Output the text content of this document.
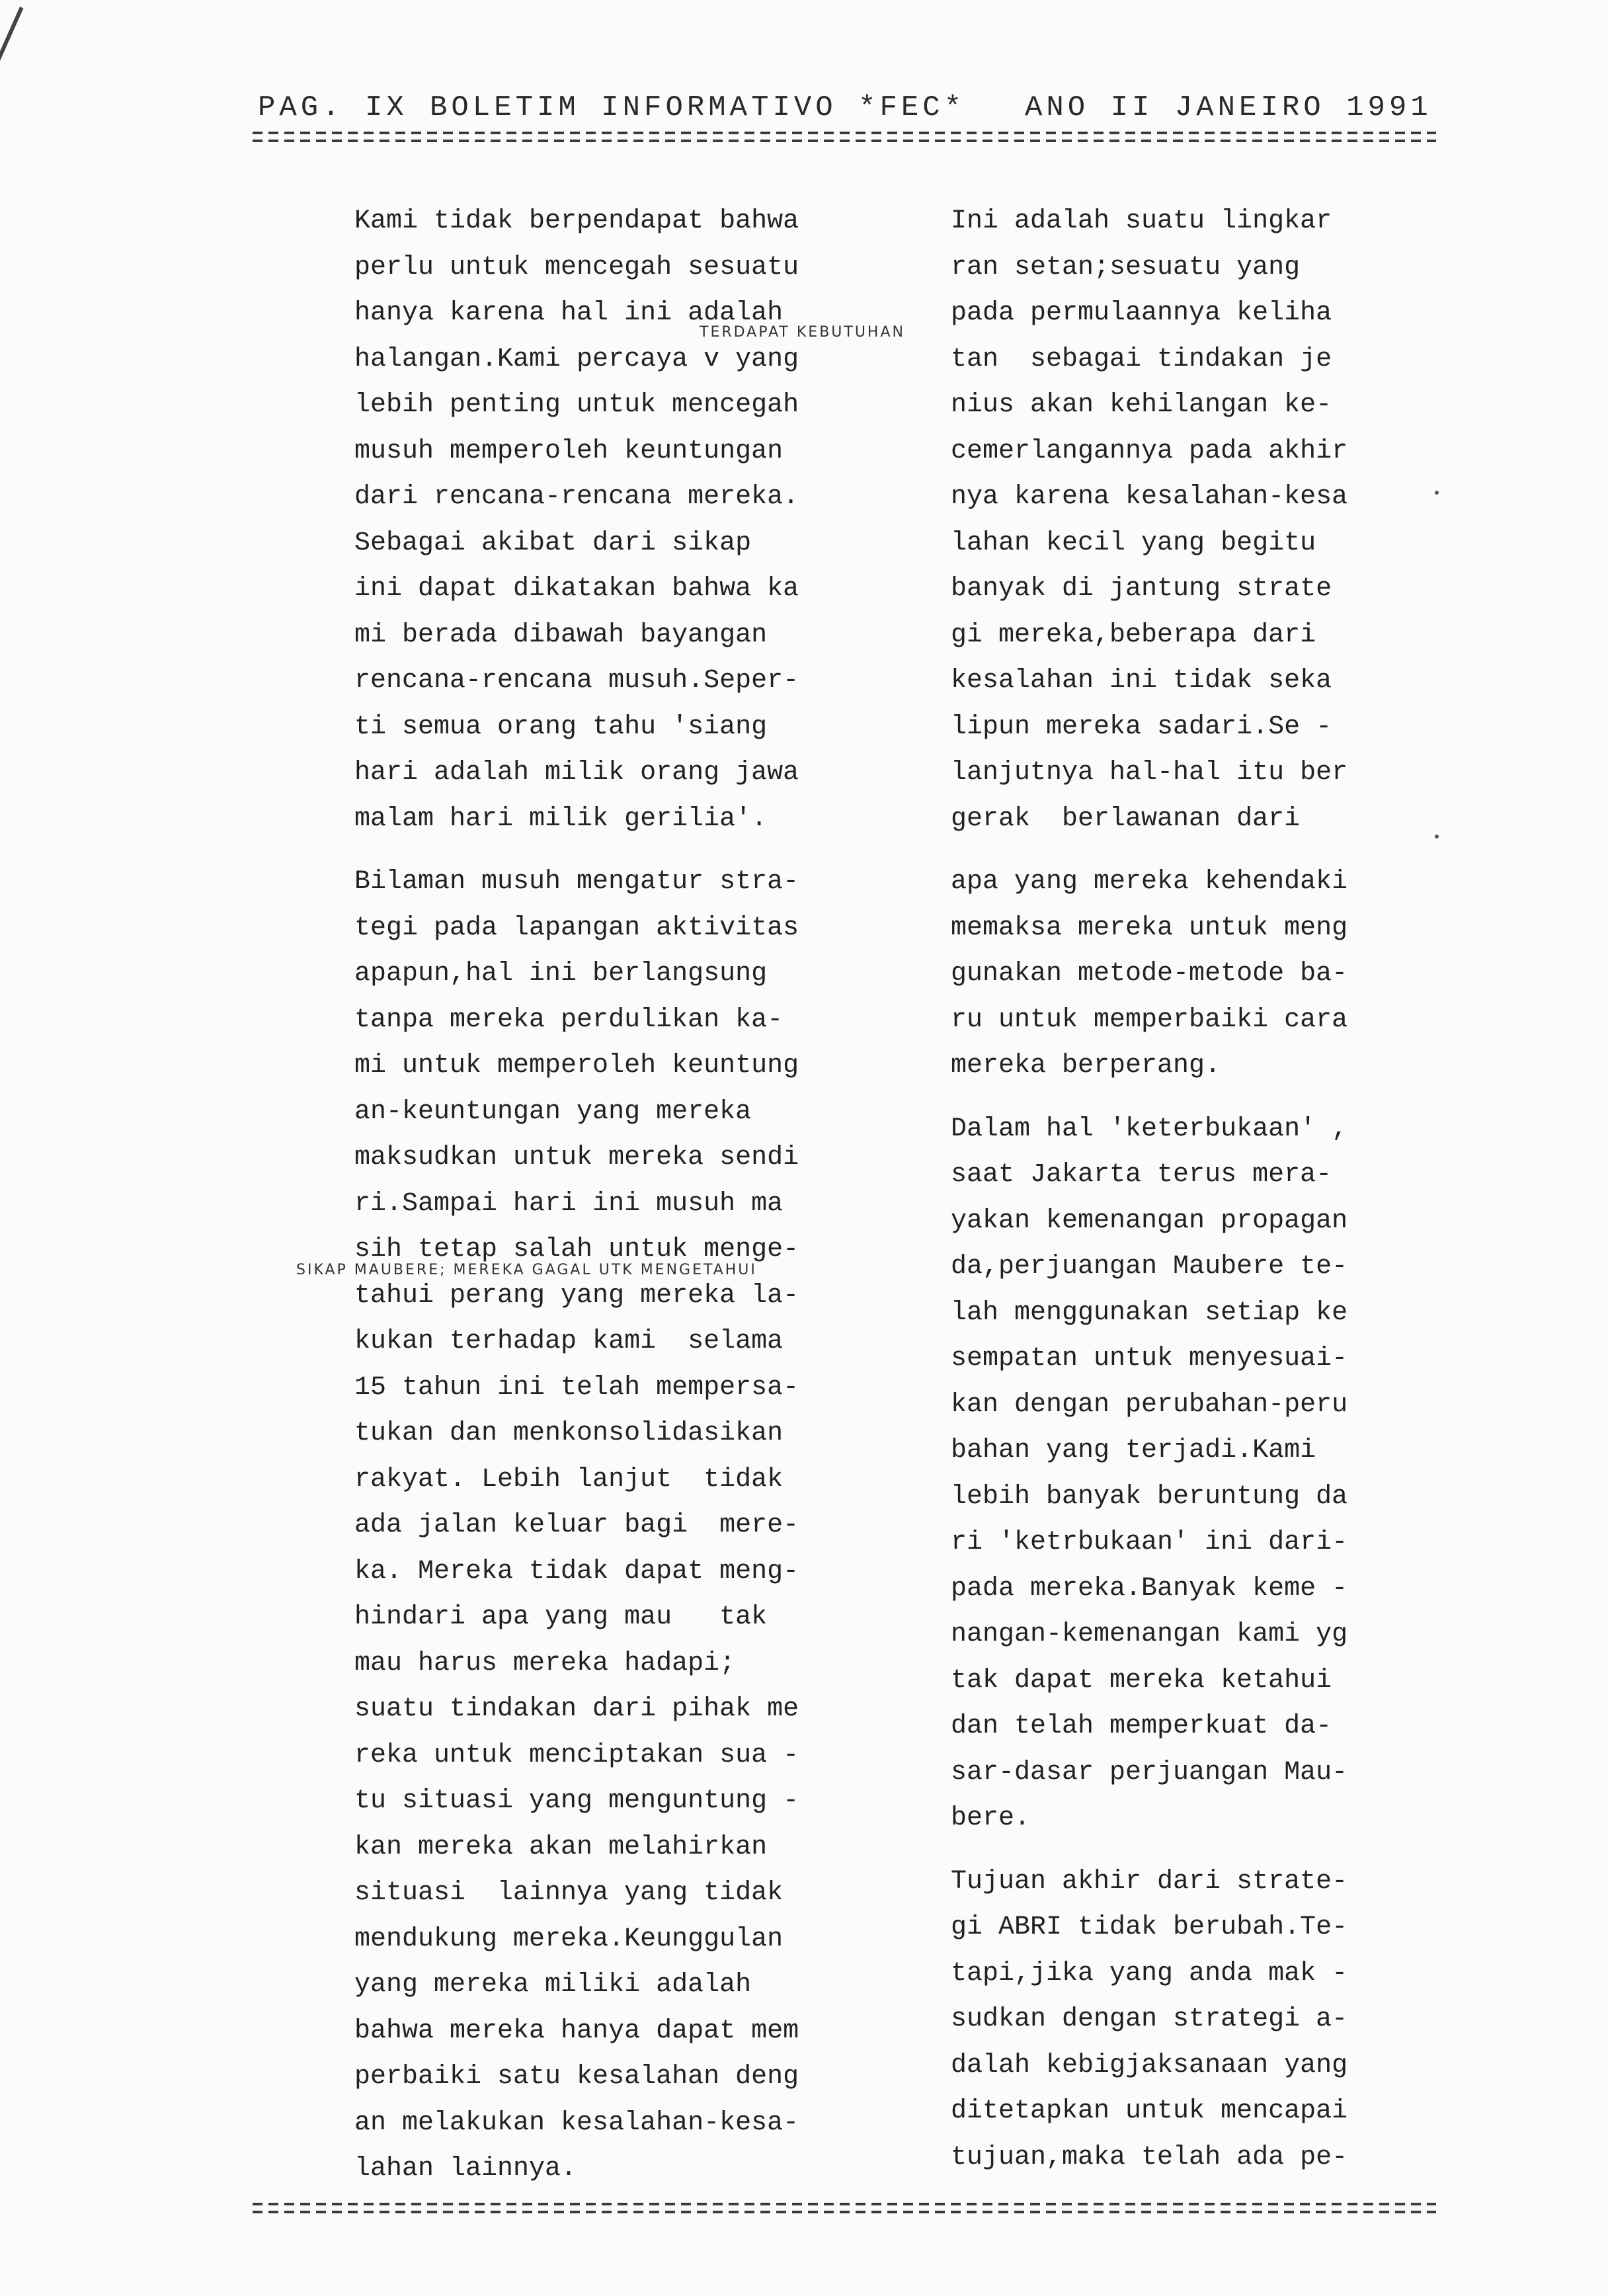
PAG. IX BOLETIM INFORMATIVO *FEC* ANO II JANEIRO 1991
TERDAPAT KEBUTUHAN
SIKAP MAUBERE; MEREKA GAGAL UTK MENGETAHUI
Kami tidak berpendapat bahwa
perlu untuk mencegah sesuatu
hanya karena hal ini adalah
halangan.Kami percaya v yang
lebih penting untuk mencegah
musuh memperoleh keuntungan
dari rencana-rencana mereka.
Sebagai akibat dari sikap
ini dapat dikatakan bahwa ka
mi berada dibawah bayangan
rencana-rencana musuh.Seper-
ti semua orang tahu 'siang
hari adalah milik orang jawa
malam hari milik gerilia'.
Bilaman musuh mengatur stra-
tegi pada lapangan aktivitas
apapun,hal ini berlangsung
tanpa mereka perdulikan ka-
mi untuk memperoleh keuntung
an-keuntungan yang mereka
maksudkan untuk mereka sendi
ri.Sampai hari ini musuh ma
sih tetap salah untuk menge-
tahui perang yang mereka la-
kukan terhadap kami  selama
15 tahun ini telah mempersa-
tukan dan menkonsolidasikan
rakyat. Lebih lanjut  tidak
ada jalan keluar bagi  mere-
ka. Mereka tidak dapat meng-
hindari apa yang mau   tak
mau harus mereka hadapi;
suatu tindakan dari pihak me
reka untuk menciptakan sua -
tu situasi yang menguntung -
kan mereka akan melahirkan
situasi  lainnya yang tidak
mendukung mereka.Keunggulan
yang mereka miliki adalah
bahwa mereka hanya dapat mem
perbaiki satu kesalahan deng
an melakukan kesalahan-kesa-
lahan lainnya.
Ini adalah suatu lingkar
ran setan;sesuatu yang
pada permulaannya keliha
tan  sebagai tindakan je
nius akan kehilangan ke-
cemerlangannya pada akhir
nya karena kesalahan-kesa
lahan kecil yang begitu
banyak di jantung strate
gi mereka,beberapa dari
kesalahan ini tidak seka
lipun mereka sadari.Se -
lanjutnya hal-hal itu ber
gerak  berlawanan dari
apa yang mereka kehendaki
memaksa mereka untuk meng
gunakan metode-metode ba-
ru untuk memperbaiki cara
mereka berperang.
Dalam hal 'keterbukaan' ,
saat Jakarta terus mera-
yakan kemenangan propagan
da,perjuangan Maubere te-
lah menggunakan setiap ke
sempatan untuk menyesuai-
kan dengan perubahan-peru
bahan yang terjadi.Kami
lebih banyak beruntung da
ri 'ketrbukaan' ini dari-
pada mereka.Banyak keme -
nangan-kemenangan kami yg
tak dapat mereka ketahui
dan telah memperkuat da-
sar-dasar perjuangan Mau-
bere.
Tujuan akhir dari strate-
gi ABRI tidak berubah.Te-
tapi,jika yang anda mak -
sudkan dengan strategi a-
dalah kebigjaksanaan yang
ditetapkan untuk mencapai
tujuan,maka telah ada pe-
